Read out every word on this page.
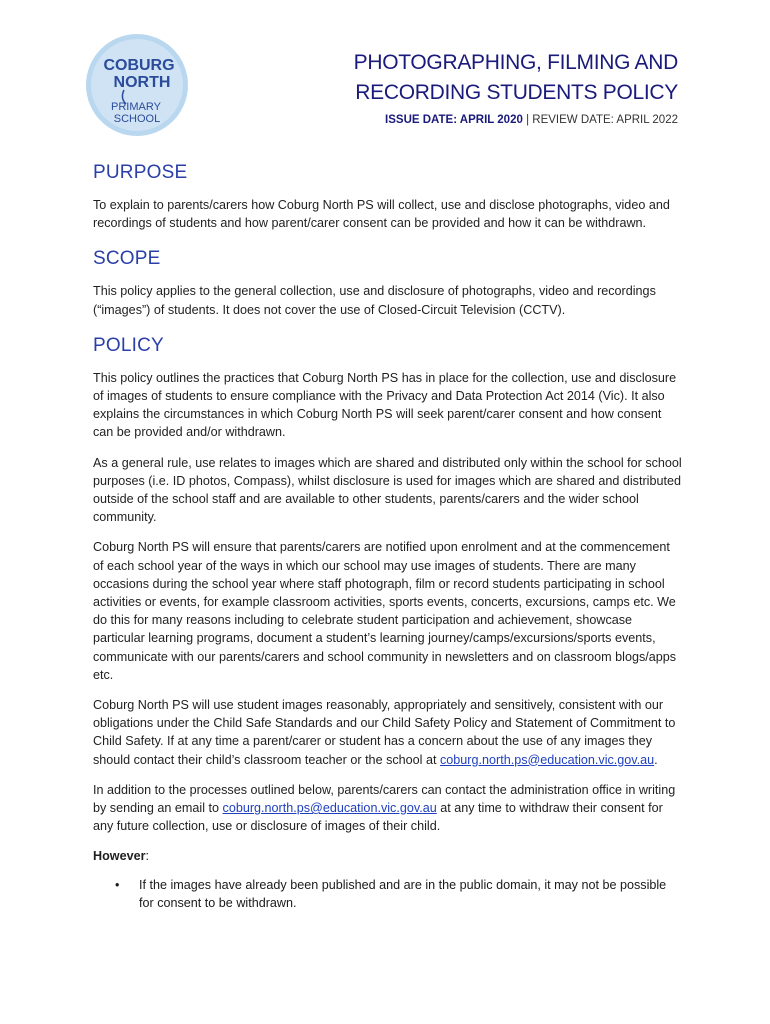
COBURG
NORTH
PRIMARY
SCHOOL
PHOTOGRAPHING, FILMING AND
RECORDING STUDENTS POLICY
ISSUE DATE: APRIL 2020 | REVIEW DATE: APRIL 2022
PURPOSE

To explain to parents/carers how Coburg North PS will collect, use and disclose photographs, video and recordings of students and how parent/carer consent can be provided and how it can be withdrawn.

SCOPE

This policy applies to the general collection, use and disclosure of photographs, video and recordings (“images”) of students. It does not cover the use of Closed-Circuit Television (CCTV).

POLICY

This policy outlines the practices that Coburg North PS has in place for the collection, use and disclosure of images of students to ensure compliance with the Privacy and Data Protection Act 2014 (Vic). It also explains the circumstances in which Coburg North PS will seek parent/carer consent and how consent can be provided and/or withdrawn.

As a general rule, use relates to images which are shared and distributed only within the school for school purposes (i.e. ID photos, Compass), whilst disclosure is used for images which are shared and distributed outside of the school staff and are available to other students, parents/carers and the wider school community.

Coburg North PS will ensure that parents/carers are notified upon enrolment and at the commencement of each school year of the ways in which our school may use images of students. There are many occasions during the school year where staff photograph, film or record students participating in school activities or events, for example classroom activities, sports events, concerts, excursions, camps etc. We do this for many reasons including to celebrate student participation and achievement, showcase particular learning programs, document a student’s learning journey/camps/excursions/sports events, communicate with our parents/carers and school community in newsletters and on classroom blogs/apps etc.

Coburg North PS will use student images reasonably, appropriately and sensitively, consistent with our obligations under the Child Safe Standards and our Child Safety Policy and Statement of Commitment to Child Safety. If at any time a parent/carer or student has a concern about the use of any images they should contact their child’s classroom teacher or the school at coburg.north.ps@education.vic.gov.au.

In addition to the processes outlined below, parents/carers can contact the administration office in writing by sending an email to coburg.north.ps@education.vic.gov.au at any time to withdraw their consent for any future collection, use or disclosure of images of their child.

However:

• If the images have already been published and are in the public domain, it may not be possible for consent to be withdrawn.
